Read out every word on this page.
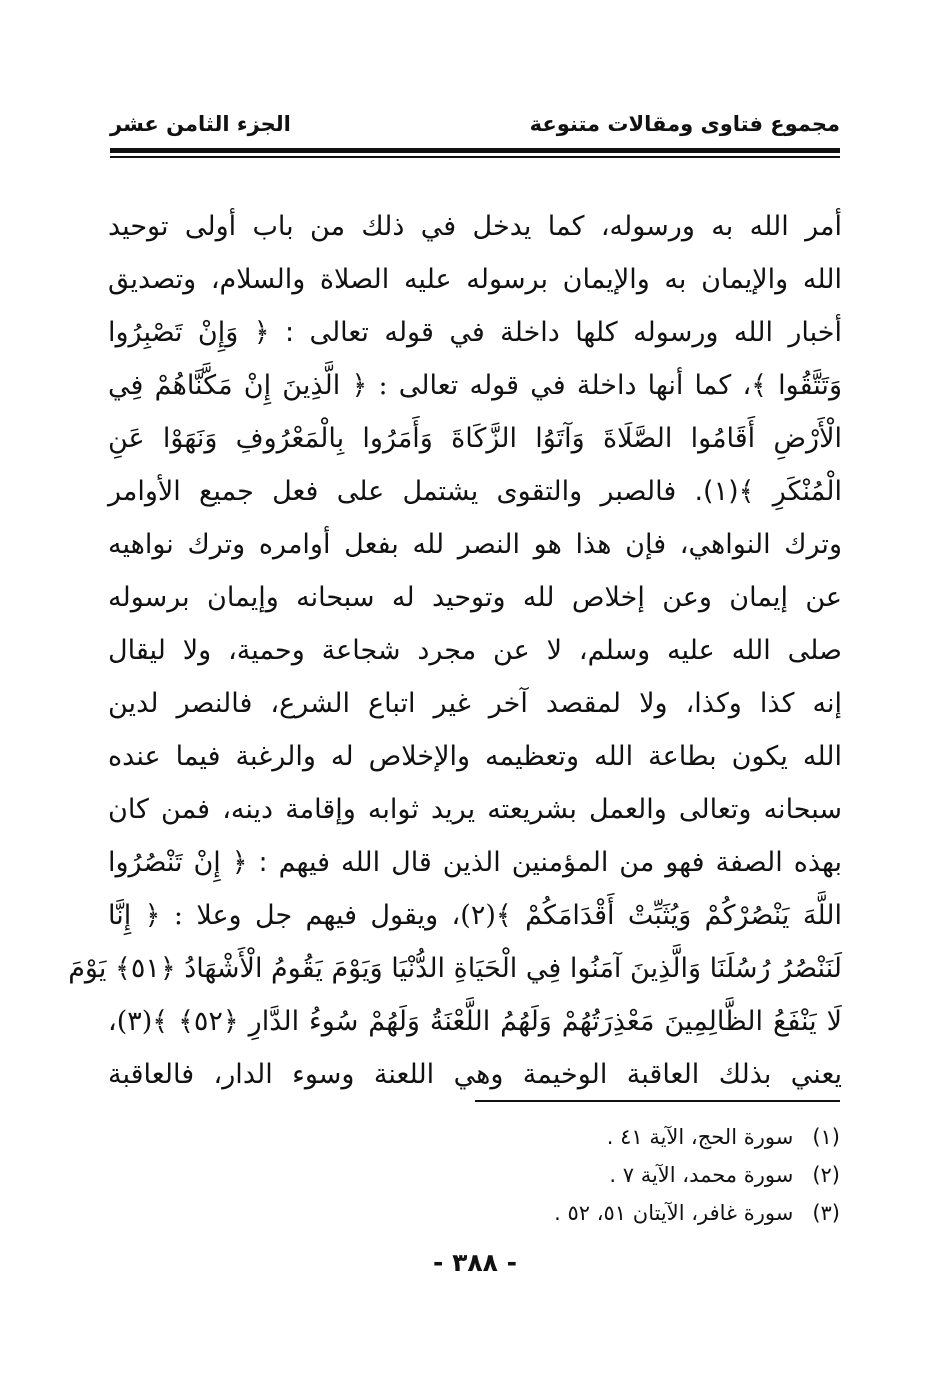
مجموع فتاوى ومقالات متنوعة
الجزء الثامن عشر
أمر الله به ورسوله، كما يدخل في ذلك من باب أولى توحيد
الله والإيمان به والإيمان برسوله عليه الصلاة والسلام، وتصديق
أخبار الله ورسوله كلها داخلة في قوله تعالى : ﴿ وَإِنْ تَصْبِرُوا
وَتَتَّقُوا ﴾، كما أنها داخلة في قوله تعالى : ﴿ الَّذِينَ إِنْ مَكَّنَّاهُمْ فِي
الْأَرْضِ أَقَامُوا الصَّلَاةَ وَآتَوُا الزَّكَاةَ وَأَمَرُوا بِالْمَعْرُوفِ وَنَهَوْا عَنِ
الْمُنْكَرِ ﴾(١). فالصبر والتقوى يشتمل على فعل جميع الأوامر
وترك النواهي، فإن هذا هو النصر لله بفعل أوامره وترك نواهيه
عن إيمان وعن إخلاص لله وتوحيد له سبحانه وإيمان برسوله
صلى الله عليه وسلم، لا عن مجرد شجاعة وحمية، ولا ليقال
إنه كذا وكذا، ولا لمقصد آخر غير اتباع الشرع، فالنصر لدين
الله يكون بطاعة الله وتعظيمه والإخلاص له والرغبة فيما عنده
سبحانه وتعالى والعمل بشريعته يريد ثوابه وإقامة دينه، فمن كان
بهذه الصفة فهو من المؤمنين الذين قال الله فيهم : ﴿ إِنْ تَنْصُرُوا
اللَّهَ يَنْصُرْكُمْ وَيُثَبِّتْ أَقْدَامَكُمْ ﴾(٢)، ويقول فيهم جل وعلا : ﴿ إِنَّا
لَنَنْصُرُ رُسُلَنَا وَالَّذِينَ آمَنُوا فِي الْحَيَاةِ الدُّنْيَا وَيَوْمَ يَقُومُ الْأَشْهَادُ ﴿٥١﴾ يَوْمَ
لَا يَنْفَعُ الظَّالِمِينَ مَعْذِرَتُهُمْ وَلَهُمُ اللَّعْنَةُ وَلَهُمْ سُوءُ الدَّارِ ﴿٥٢﴾ ﴾(٣)،
يعني بذلك العاقبة الوخيمة وهي اللعنة وسوء الدار، فالعاقبة
(١) سورة الحج، الآية ٤١ .
(٢) سورة محمد، الآية ٧ .
(٣) سورة غافر، الآيتان ٥١، ٥٢ .
- ٣٨٨ -
